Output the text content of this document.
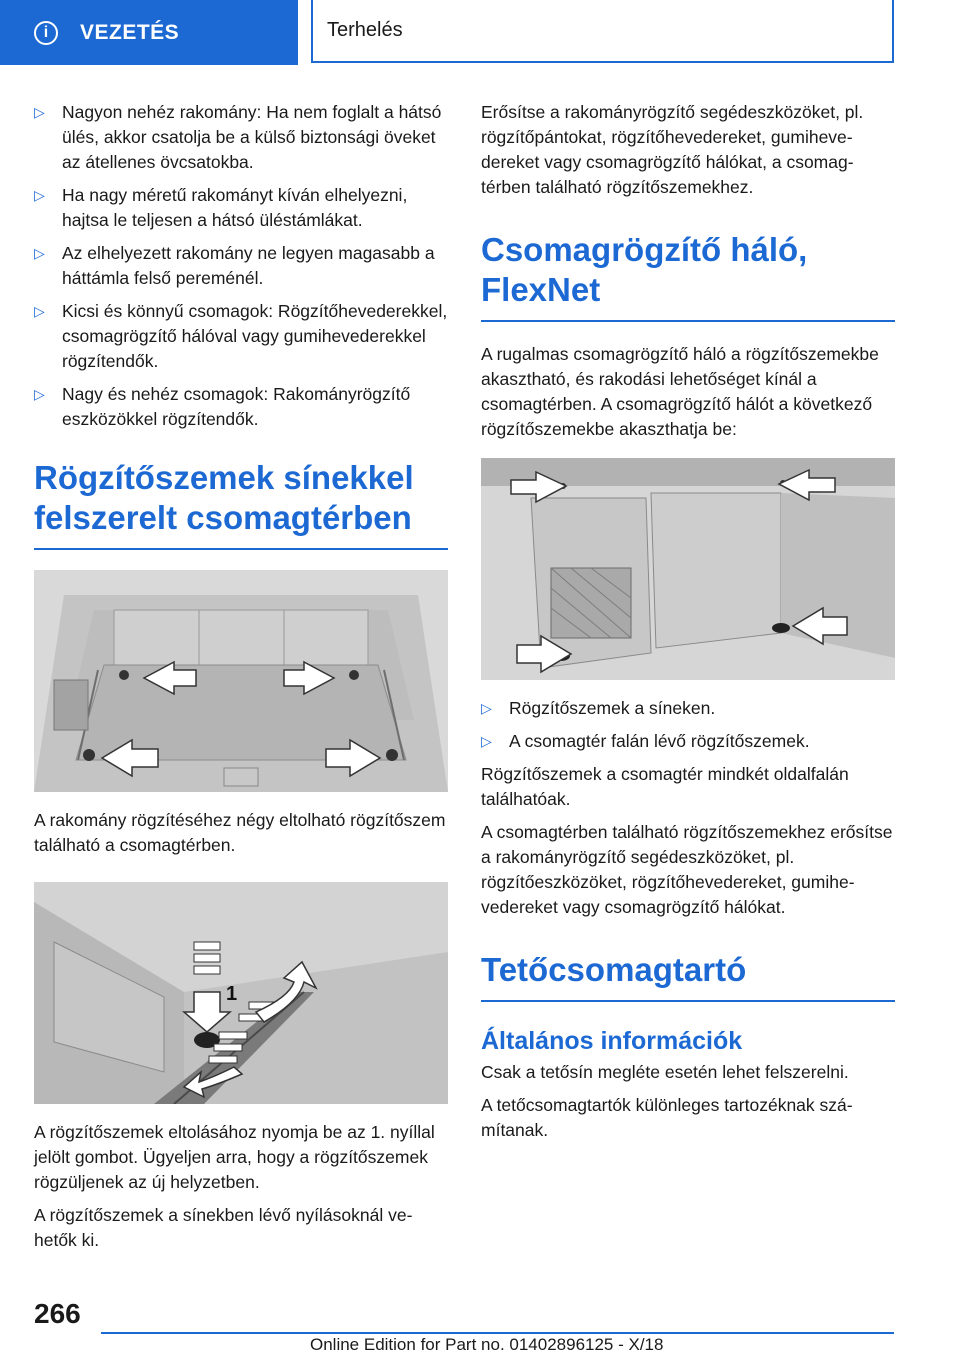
i	VEZETÉS	Terhelés
▷ Nagyon nehéz rakomány: Ha nem foglalt a hátsó ülés, akkor csatolja be a külső biztonsági öveket az átellenes övcsatokba.
▷ Ha nagy méretű rakományt kíván elhelyezni, hajtsa le teljesen a hátsó üléstámlákat.
▷ Az elhelyezett rakomány ne legyen magasabb a háttámla felső pereménél.
▷ Kicsi és könnyű csomagok: Rögzítőhevederekkel, csomagrögzítő hálóval vagy gumihevederekkel rögzítendők.
▷ Nagy és nehéz csomagok: Rakományrögzítő eszközökkel rögzítendők.
Rögzítőszemek sínekkel felszerelt csomagtérben

A rakomány rögzítéséhez négy eltolható rögzítőszem található a csomagtérben.

1

A rögzítőszemek eltolásához nyomja be az 1. nyíllal jelölt gombot. Ügyeljen arra, hogy a rögzítőszemek rögzüljenek az új helyzetben.

A rögzítőszemek a sínekben lévő nyílásoknál vehetők ki.

Erősítse a rakományrögzítő segédeszközöket, pl. rögzítőpántokat, rögzítőhevedereket, gumihevedereket vagy csomagrögzítő hálókat, a csomagtérben található rögzítőszemekhez.

Csomagrögzítő háló, FlexNet

A rugalmas csomagrögzítő háló a rögzítőszemekbe akasztható, és rakodási lehetőséget kínál a csomagtérben. A csomagrögzítő hálót a következő rögzítőszemekbe akaszthatja be:

▷ Rögzítőszemek a síneken.
▷ A csomagtér falán lévő rögzítőszemek.

Rögzítőszemek a csomagtér mindkét oldalfalán találhatóak.

A csomagtérben található rögzítőszemekhez erősítse a rakományrögzítő segédeszközöket, pl. rögzítőeszközöket, rögzítőhevedereket, gumihevedereket vagy csomagrögzítő hálókat.

Tetőcsomagtartó
Általános információk

Csak a tetősín megléte esetén lehet felszerelni.

A tetőcsomagtartók különleges tartozéknak számítanak.

266
Online Edition for Part no. 01402896125 - X/18
